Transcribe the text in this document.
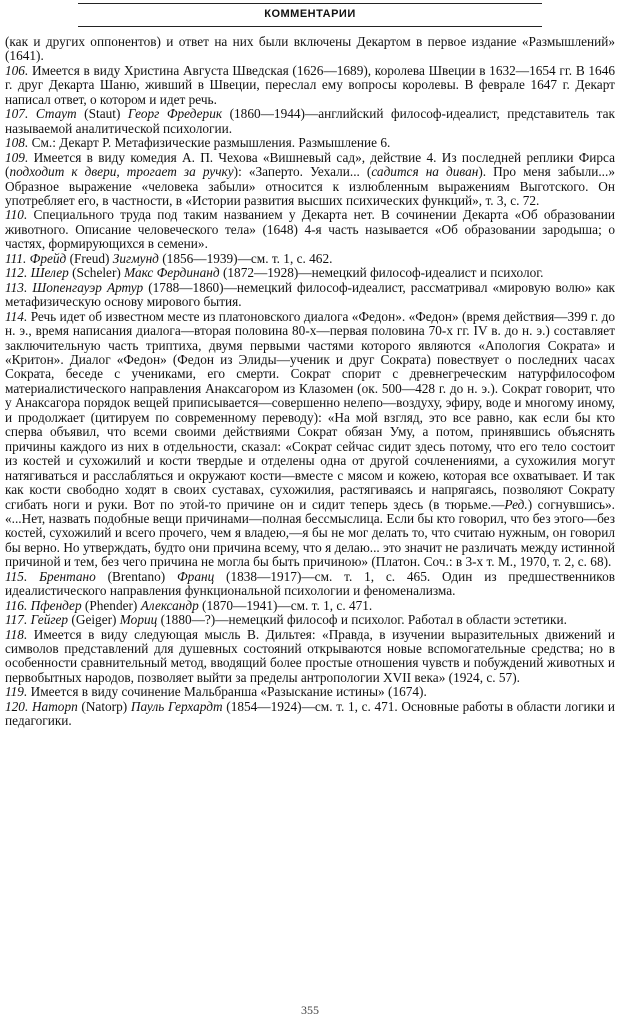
КОММЕНТАРИИ

(как и других оппонентов) и ответ на них были включены Декартом в первое издание «Размышлений» (1641).

106. Имеется в виду Христина Августа Шведская (1626—1689), королева Швеции в 1632—1654 гг. В 1646 г. друг Декарта Шаню, живший в Швеции, переслал ему вопросы королевы. В феврале 1647 г. Декарт написал ответ, о котором и идет речь.

107. Стаут (Staut) Георг Фредерик (1860—1944)—английский философ-идеалист, представитель так называемой аналитической психологии.

108. См.: Декарт Р. Метафизические размышления. Размышление 6.

109. Имеется в виду комедия А. П. Чехова «Вишневый сад», действие 4. Из последней реплики Фирса (подходит к двери, трогает за ручку): «Заперто. Уехали... (садится на диван). Про меня забыли...» Образное выражение «человека забыли» относится к излюбленным выражениям Выготского. Он употребляет его, в частности, в «Истории развития высших психических функций», т. 3, с. 72.

110. Специального труда под таким названием у Декарта нет. В сочинении Декарта «Об образовании животного. Описание человеческого тела» (1648) 4-я часть называется «Об образовании зародыша; о частях, формирующихся в семени».

111. Фрейд (Freud) Зигмунд (1856—1939)—см. т. 1, с. 462.

112. Шелер (Scheler) Макс Фердинанд (1872—1928)—немецкий философ-идеалист и психолог.

113. Шопенгауэр Артур (1788—1860)—немецкий философ-идеалист, рассматривал «мировую волю» как метафизическую основу мирового бытия.

114. Речь идет об известном месте из платоновского диалога «Федон». «Федон» (время действия—399 г. до н. э., время написания диалога—вторая половина 80-х—первая половина 70-х гг. IV в. до н. э.) составляет заключительную часть триптиха, двумя первыми частями которого являются «Апология Сократа» и «Критон». Диалог «Федон» (Федон из Элиды—ученик и друг Сократа) повествует о последних часах Сократа, беседе с учениками, его смерти. Сократ спорит с древнегреческим натурфилософом материалистического направления Анаксагором из Клазомен (ок. 500—428 г. до н. э.). Сократ говорит, что у Анаксагора порядок вещей приписывается—совершенно нелепо—воздуху, эфиру, воде и многому иному, и продолжает (цитируем по современному переводу): «На мой взгляд, это все равно, как если бы кто сперва объявил, что всеми своими действиями Сократ обязан Уму, а потом, принявшись объяснять причины каждого из них в отдельности, сказал: «Сократ сейчас сидит здесь потому, что его тело состоит из костей и сухожилий и кости твердые и отделены одна от другой сочленениями, а сухожилия могут натягиваться и расслабляться и окружают кости—вместе с мясом и кожею, которая все охватывает. И так как кости свободно ходят в своих суставах, сухожилия, растягиваясь и напрягаясь, позволяют Сократу сгибать ноги и руки. Вот по этой-то причине он и сидит теперь здесь (в тюрьме.—Ред.) согнувшись». «...Нет, назвать подобные вещи причинами—полная бессмыслица. Если бы кто говорил, что без этого—без костей, сухожилий и всего прочего, чем я владею,—я бы не мог делать то, что считаю нужным, он говорил бы верно. Но утверждать, будто они причина всему, что я делаю... это значит не различать между истинной причиной и тем, без чего причина не могла бы быть причиною» (Платон. Соч.: в 3-х т. М., 1970, т. 2, с. 68).

115. Брентано (Brentano) Франц (1838—1917)—см. т. 1, с. 465. Один из предшественников идеалистического направления функциональной психологии и феноменализма.

116. Пфендер (Phender) Александр (1870—1941)—см. т. 1, с. 471.

117. Гейгер (Geiger) Мориц (1880—?)—немецкий философ и психолог. Работал в области эстетики.

118. Имеется в виду следующая мысль В. Дильтея: «Правда, в изучении выразительных движений и символов представлений для душевных состояний открываются новые вспомогательные средства; но в особенности сравнительный метод, вводящий более простые отношения чувств и побуждений животных и первобытных народов, позволяет выйти за пределы антропологии XVII века» (1924, с. 57).

119. Имеется в виду сочинение Мальбранша «Разыскание истины» (1674).

120. Наторп (Natorp) Пауль Герхардт (1854—1924)—см. т. 1, с. 471. Основные работы в области логики и педагогики.

355
